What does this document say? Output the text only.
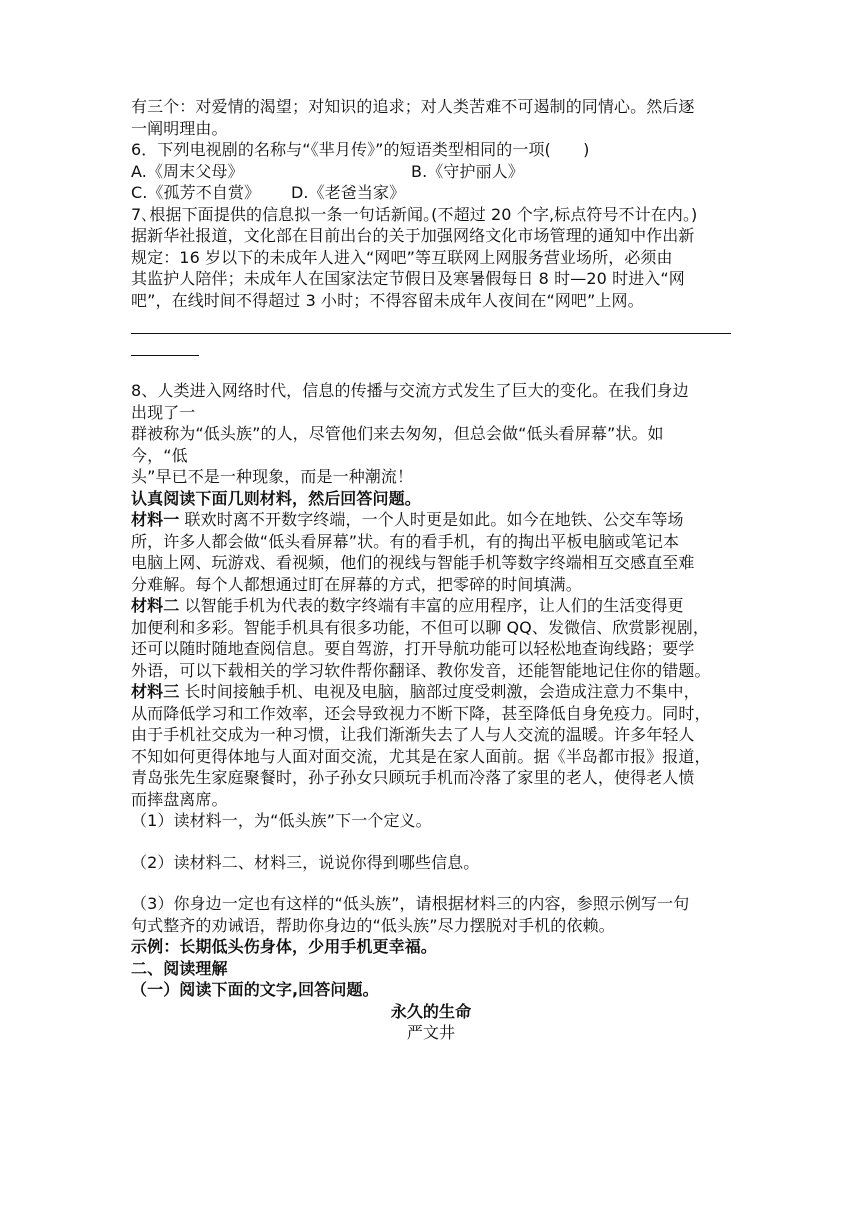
有三个：对爱情的渴望；对知识的追求；对人类苦难不可遏制的同情心。然后逐
一阐明理由。
6．下列电视剧的名称与“《芈月传》”的短语类型相同的一项(　　)
A.《周末父母》	B.《守护丽人》
C.《孤芳不自赏》	D.《老爸当家》
7､根据下面提供的信息拟一条一句话新闻｡(不超过 20 个字,标点符号不计在内｡)
据新华社报道，文化部在目前出台的关于加强网络文化市场管理的通知中作出新
规定：16 岁以下的未成年人进入“网吧”等互联网上网服务营业场所，必须由
其监护人陪伴；未成年人在国家法定节假日及寒暑假每日 8 时—20 时进入“网
吧”，在线时间不得超过 3 小时；不得容留未成年人夜间在“网吧”上网。
8、人类进入网络时代，信息的传播与交流方式发生了巨大的变化。在我们身边
出现了一
群被称为“低头族”的人，尽管他们来去匆匆，但总会做“低头看屏幕”状。如
今，“低
头”早已不是一种现象，而是一种潮流！
认真阅读下面几则材料，然后回答问题。
材料一 联欢时离不开数字终端，一个人时更是如此。如今在地铁、公交车等场
所，许多人都会做“低头看屏幕”状。有的看手机，有的掏出平板电脑或笔记本
电脑上网、玩游戏、看视频，他们的视线与智能手机等数字终端相互交感直至难
分难解。每个人都想通过盯在屏幕的方式，把零碎的时间填满。
材料二 以智能手机为代表的数字终端有丰富的应用程序，让人们的生活变得更
加便利和多彩。智能手机具有很多功能，不但可以聊 QQ、发微信、欣赏影视剧，
还可以随时随地查阅信息。要自驾游，打开导航功能可以轻松地查询线路；要学
外语，可以下载相关的学习软件帮你翻译、教你发音，还能智能地记住你的错题。
材料三 长时间接触手机、电视及电脑，脑部过度受刺激，会造成注意力不集中，
从而降低学习和工作效率，还会导致视力不断下降，甚至降低自身免疫力。同时，
由于手机社交成为一种习惯，让我们渐渐失去了人与人交流的温暖。许多年轻人
不知如何更得体地与人面对面交流，尤其是在家人面前。据《半岛都市报》报道，
青岛张先生家庭聚餐时，孙子孙女只顾玩手机而冷落了家里的老人，使得老人愤
而摔盘离席。
（1）读材料一，为“低头族”下一个定义。
（2）读材料二、材料三，说说你得到哪些信息。
（3）你身边一定也有这样的“低头族”，请根据材料三的内容，参照示例写一句
句式整齐的劝诫语，帮助你身边的“低头族”尽力摆脱对手机的依赖。
示例：长期低头伤身体，少用手机更幸福。
二、阅读理解
（一）阅读下面的文字,回答问题。
永久的生命
严文井
